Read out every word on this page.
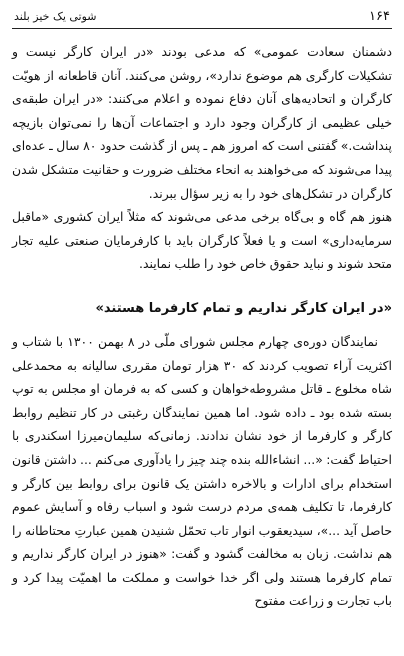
۱۶۴
شوتی یک خیز بلند

دشمنان سعادت عمومی» که مدعی بودند «در ایران کارگر نیست و تشکیلات کارگری هم موضوع ندارد»، روشن می‌کنند. آنان قاطعانه از هویّت کارگران و اتحادیه‌های آنان دفاع نموده و اعلام می‌کنند: «در ایران طبقه‌ی خیلی عظیمی از کارگران وجود دارد و اجتماعات آن‌ها را نمی‌توان بازیچه پنداشت.» گفتنی است که امروز هم ـ پس از گذشت حدود ۸۰ سال ـ عده‌ای پیدا می‌شوند که می‌خواهند به انحاء مختلف ضرورت و حقانیت متشکل شدن کارگران در تشکل‌های خود را به زیر سؤال ببرند.

هنوز هم گاه و بی‌گاه برخی مدعی می‌شوند که مثلاً ایران کشوری «ماقبل سرمایه‌داری» است و یا فعلاً کارگران باید با کارفرمایان صنعتی علیه تجار متحد شوند و نباید حقوق خاص خود را طلب نمایند.

«در ایران کارگر نداریم و تمام کارفرما هستند»

نمایندگان دوره‌ی چهارم مجلس شورای ملّی در ۸ بهمن ۱۳۰۰ با شتاب و اکثریت آراء تصویب کردند که ۳۰ هزار تومان مقرری سالیانه به محمدعلی شاه مخلوع ـ قاتل مشروطه‌خواهان و کسی که به فرمان او مجلس به توپ بسته شده بود ـ داده شود. اما همین نمایندگان رغبتی در کار تنظیم روابط کارگر و کارفرما از خود نشان ندادند. زمانی‌که سلیمان‌میرزا اسکندری با احتیاط گفت: «... انشاءالله بنده چند چیز را یادآوری می‌کنم ... داشتن قانون استخدام برای ادارات و بالاخره داشتن یک قانون برای روابط بین کارگر و کارفرما، تا تکلیف همه‌ی مردم درست شود و اسباب رفاه و آسایش عموم حاصل آید ...»، سیدیعقوب انوار تاب تحمّل شنیدن همین عبارتِ محتاطانه را هم نداشت. زبان به مخالفت گشود و گفت: «هنوز در ایران کارگر نداریم و تمام کارفرما هستند ولی اگر خدا خواست و مملکت ما اهمیّت پیدا کرد و باب تجارت و زراعت مفتوح
